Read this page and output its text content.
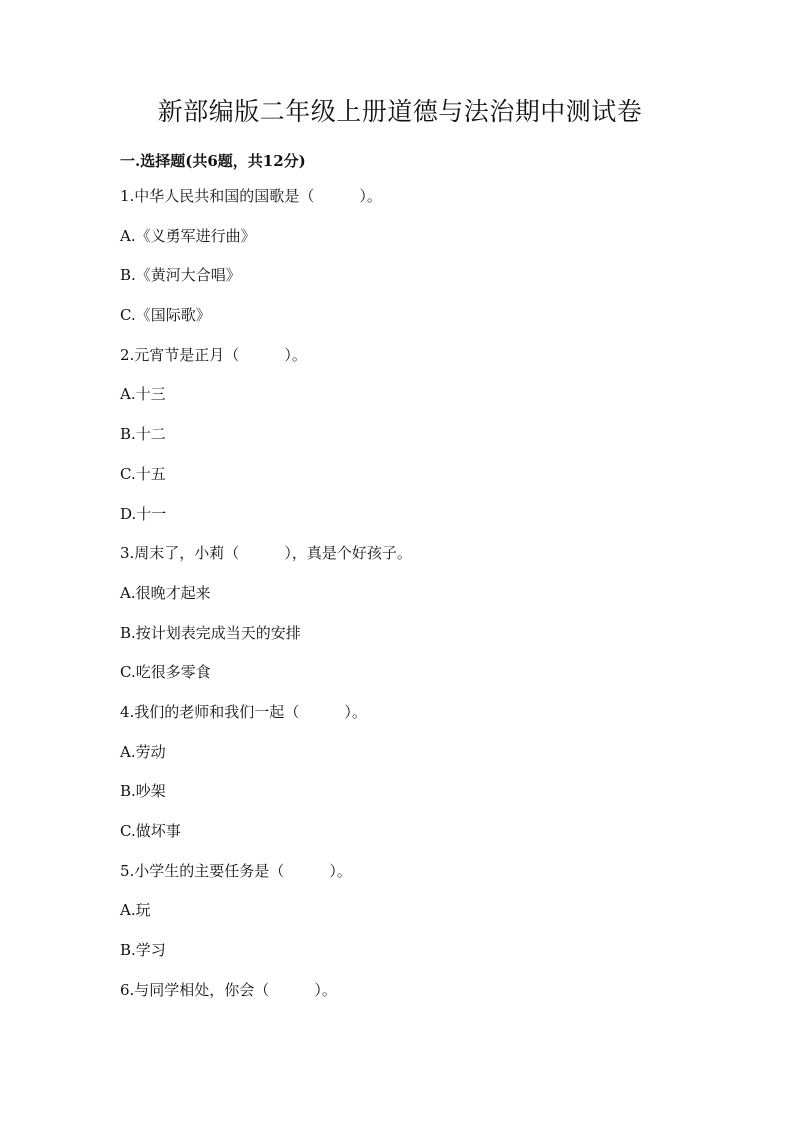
新部编版二年级上册道德与法治期中测试卷
一.选择题(共6题，共12分)
1.中华人民共和国的国歌是（　　　）。
A.《义勇军进行曲》
B.《黄河大合唱》
C.《国际歌》
2.元宵节是正月（　　　）。
A.十三
B.十二
C.十五
D.十一
3.周末了，小莉（　　　），真是个好孩子。
A.很晚才起来
B.按计划表完成当天的安排
C.吃很多零食
4.我们的老师和我们一起（　　　）。
A.劳动
B.吵架
C.做坏事
5.小学生的主要任务是（　　　）。
A.玩
B.学习
6.与同学相处，你会（　　　）。
